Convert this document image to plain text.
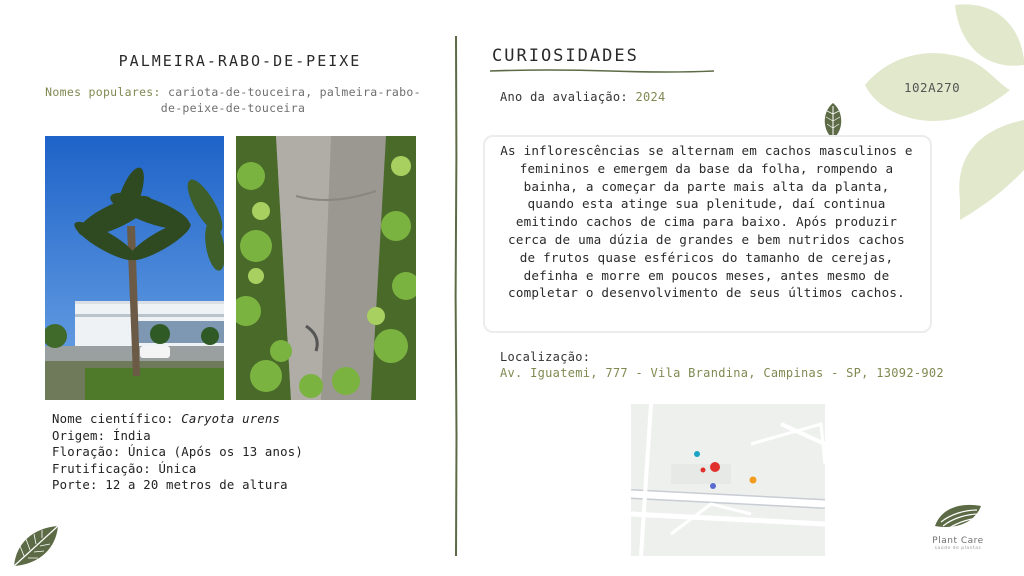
PALMEIRA-RABO-DE-PEIXE
Nomes populares: cariota-de-touceira, palmeira-rabo-de-peixe-de-touceira
Nome científico: Caryota urens
Origem: Índia
Floração: Única (Após os 13 anos)
Frutificação: Única
Porte: 12 a 20 metros de altura
CURIOSIDADES
Ano da avaliação: 2024
As inflorescências se alternam em cachos masculinos e femininos e emergem da base da folha, rompendo a bainha, a começar da parte mais alta da planta, quando esta atinge sua plenitude, daí continua emitindo cachos de cima para baixo. Após produzir cerca de uma dúzia de grandes e bem nutridos cachos de frutos quase esféricos do tamanho de cerejas, definha e morre em poucos meses, antes mesmo de completar o desenvolvimento de seus últimos cachos.
Localização:
Av. Iguatemi, 777 - Vila Brandina, Campinas - SP, 13092-902
102A270
Plant Care
saúde de plantas
